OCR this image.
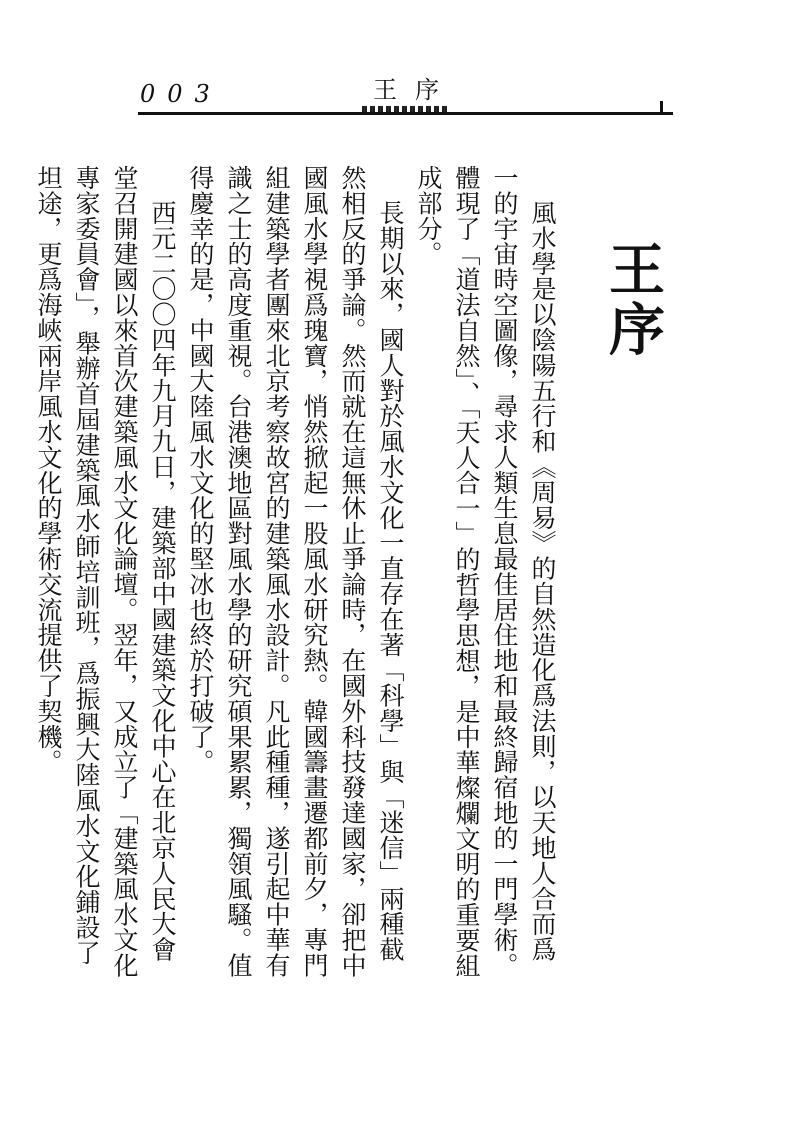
003	王序
王序

風水學是以陰陽五行和《周易》的自然造化爲法則，以天地人合而爲一的宇宙時空圖像，尋求人類生息最佳居住地和最終歸宿地的一門學術。體現了「道法自然」、「天人合一」的哲學思想，是中華燦爛文明的重要組成部分。

長期以來，國人對於風水文化一直存在著「科學」與「迷信」兩種截然相反的爭論。然而就在這無休止爭論時，在國外科技發達國家，卻把中國風水學視爲瑰寶，悄然掀起一股風水研究熱。韓國籌畫遷都前夕，專門組建築學者團來北京考察故宮的建築風水設計。凡此種種，遂引起中華有識之士的高度重視。台港澳地區對風水學的研究碩果累累，獨領風騷。值得慶幸的是，中國大陸風水文化的堅冰也終於打破了。

西元二〇〇四年九月九日，建築部中國建築文化中心在北京人民大會堂召開建國以來首次建築風水文化論壇。翌年，又成立了「建築風水文化專家委員會」，舉辦首屆建築風水師培訓班，爲振興大陸風水文化鋪設了坦途，更爲海峽兩岸風水文化的學術交流提供了契機。
